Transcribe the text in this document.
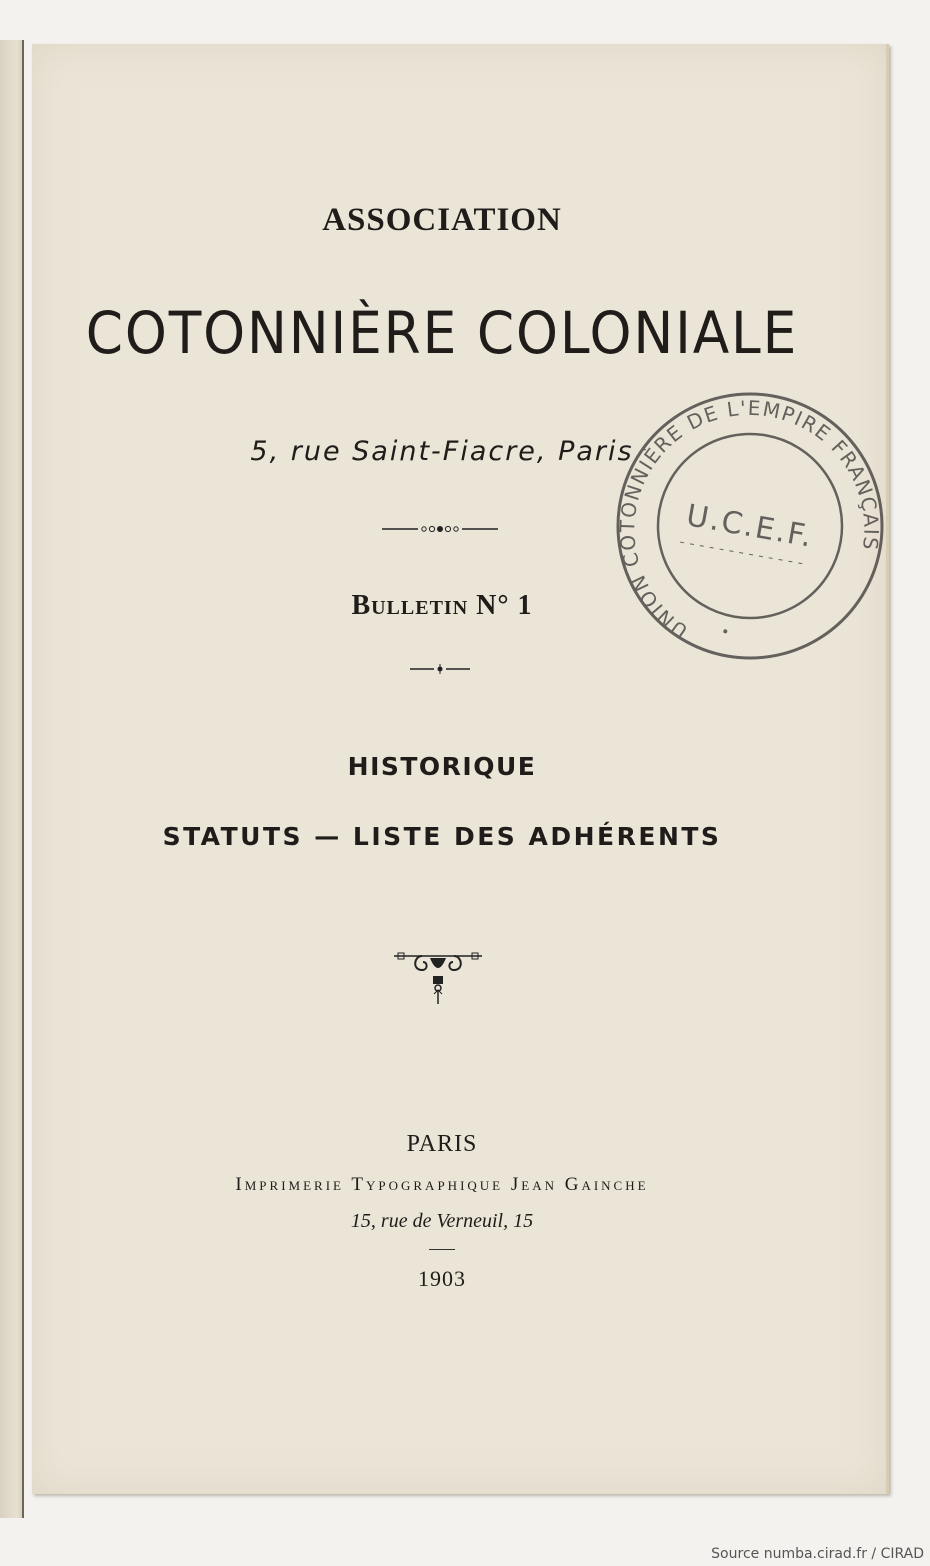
ASSOCIATION
COTONNIÈRE COLONIALE
5, rue Saint-Fiacre, Paris
Bulletin N° 1
HISTORIQUE
STATUTS — LISTE DES ADHÉRENTS
PARIS
Imprimerie Typographique Jean Gainche
15, rue de Verneuil, 15
1903
UNION COTONNIÈRE DE L'EMPIRE FRANÇAIS
U.C.E.F.
Source numba.cirad.fr / CIRAD
